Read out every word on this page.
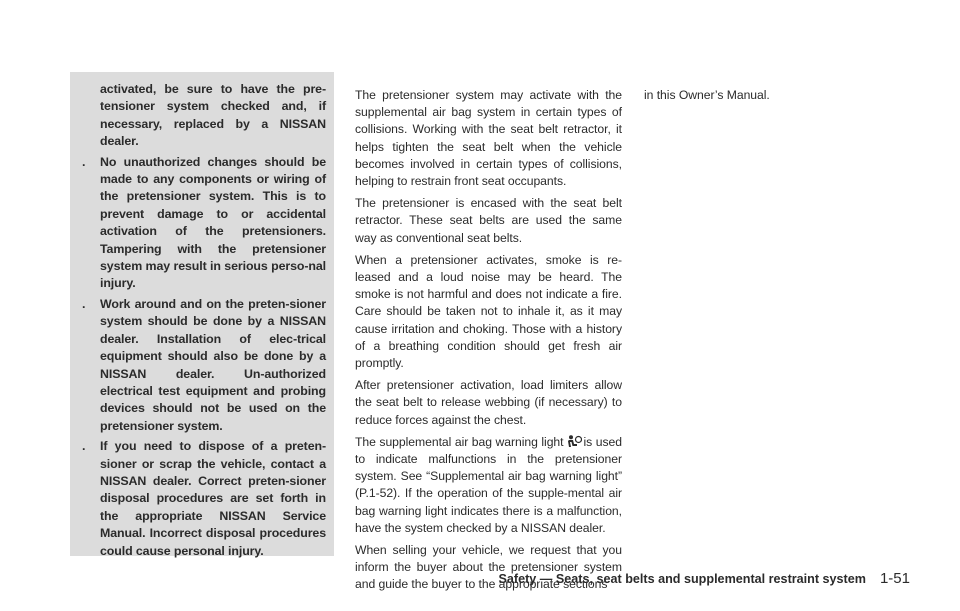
activated, be sure to have the pre-tensioner system checked and, if necessary, replaced by a NISSAN dealer.
. No unauthorized changes should be made to any components or wiring of the pretensioner system. This is to prevent damage to or accidental activation of the pretensioners. Tampering with the pretensioner system may result in serious perso-nal injury.
. Work around and on the preten-sioner system should be done by a NISSAN dealer. Installation of elec-trical equipment should also be done by a NISSAN dealer. Un-authorized electrical test equipment and probing devices should not be used on the pretensioner system.
. If you need to dispose of a preten-sioner or scrap the vehicle, contact a NISSAN dealer. Correct preten-sioner disposal procedures are set forth in the appropriate NISSAN Service Manual. Incorrect disposal procedures could cause personal injury.

The pretensioner system may activate with the supplemental air bag system in certain types of collisions. Working with the seat belt retractor, it helps tighten the seat belt when the vehicle becomes involved in certain types of collisions, helping to restrain front seat occupants.

The pretensioner is encased with the seat belt retractor. These seat belts are used the same way as conventional seat belts.

When a pretensioner activates, smoke is re-leased and a loud noise may be heard. The smoke is not harmful and does not indicate a fire. Care should be taken not to inhale it, as it may cause irritation and choking. Those with a history of a breathing condition should get fresh air promptly.

After pretensioner activation, load limiters allow the seat belt to release webbing (if necessary) to reduce forces against the chest.

The supplemental air bag warning light is used to indicate malfunctions in the pretensioner system. See “Supplemental air bag warning light” (P.1-52). If the operation of the supple-mental air bag warning light indicates there is a malfunction, have the system checked by a NISSAN dealer.

When selling your vehicle, we request that you inform the buyer about the pretensioner system and guide the buyer to the appropriate sections

in this Owner’s Manual.

Safety — Seats, seat belts and supplemental restraint system 1-51
